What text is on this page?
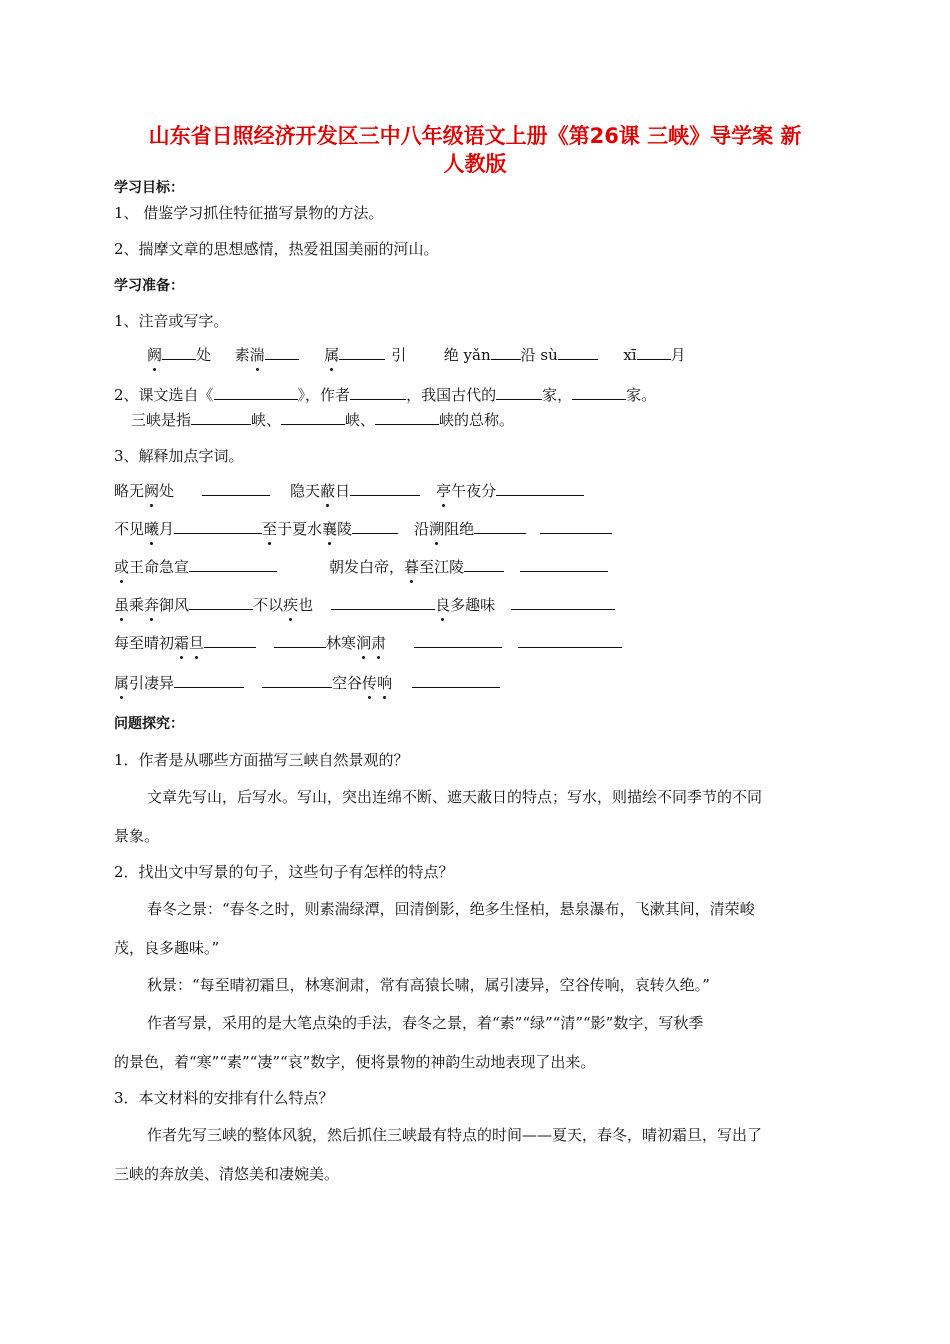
山东省日照经济开发区三中八年级语文上册《第26课 三峡》导学案 新
人教版
学习目标：
1、 借鉴学习抓住特征描写景物的方法。
2、揣摩文章的思想感情，热爱祖国美丽的河山。
学习准备：
1、注音或写字。
阙 处 素湍	属	引	绝 yǎn 沿 sù	xī 月
2、课文选自《	》，作者	，我国古代的	家，	家。
三峡是指	峡、	峡、	峡的总称。
3、解释加点字词。
略无阙处	隐天蔽日	亭午夜分
不见曦月	至于夏水襄陵	沿溯阻绝
或王命急宣	朝发白帝，暮至江陵
虽乘奔御风	不以疾也	良多趣味
每至晴初霜旦	林寒涧肃
属引凄异	空谷传响
问题探究：
1．作者是从哪些方面描写三峡自然景观的？
文章先写山，后写水。写山，突出连绵不断、遮天蔽日的特点；写水，则描绘不同季节的不同
景象。
2．找出文中写景的句子，这些句子有怎样的特点？
春冬之景：“春冬之时，则素湍绿潭，回清倒影，绝多生怪柏，悬泉瀑布，飞漱其间，清荣峻
茂，良多趣味。”
秋景：“每至晴初霜旦，林寒涧肃，常有高猿长啸，属引凄异，空谷传响，哀转久绝。”
作者写景，采用的是大笔点染的手法，春冬之景，着“素”“绿”“清”“影”数字，写秋季
的景色，着“寒”“素”“凄”“哀”数字，便将景物的神韵生动地表现了出来。
3．本文材料的安排有什么特点？
作者先写三峡的整体风貌，然后抓住三峡最有特点的时间——夏天，春冬，晴初霜旦，写出了
三峡的奔放美、清悠美和凄婉美。
